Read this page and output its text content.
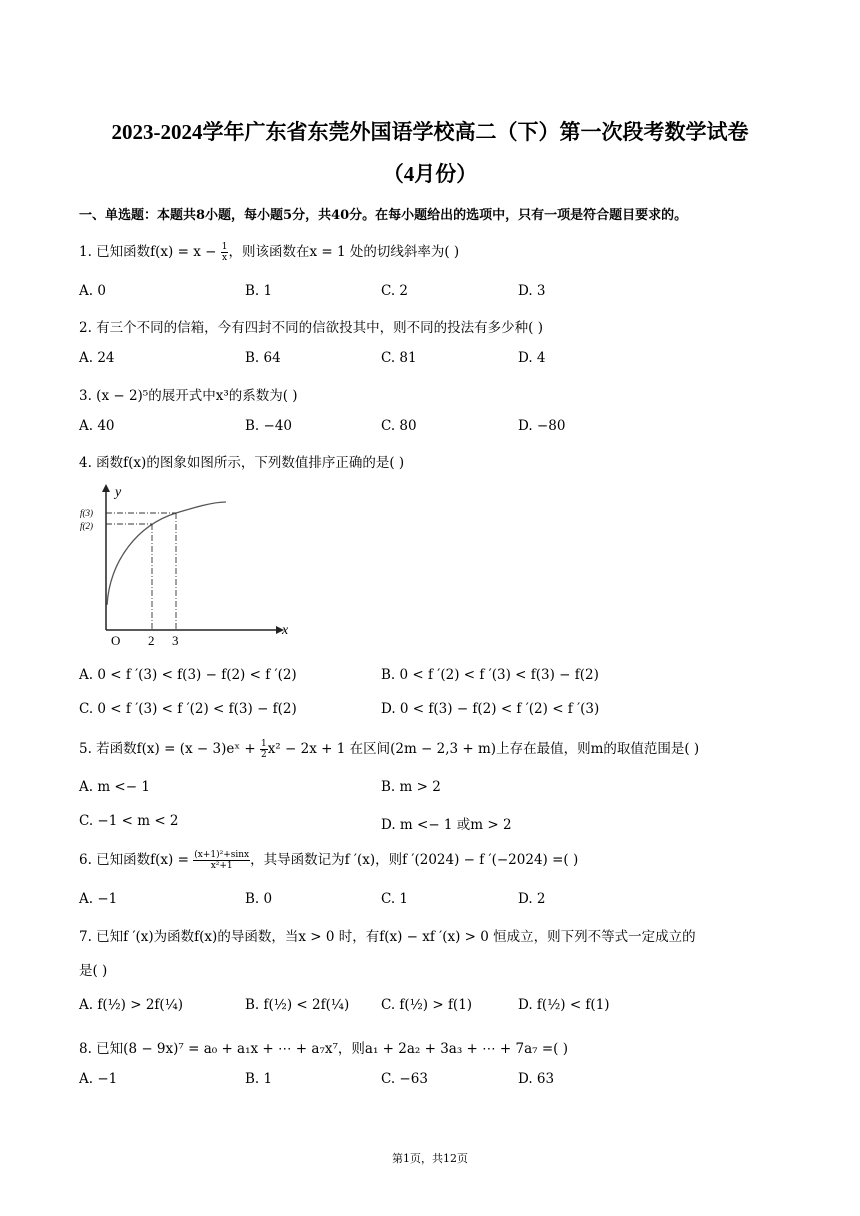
2023-2024学年广东省东莞外国语学校高二（下）第一次段考数学试卷
（4月份）
一、单选题：本题共8小题，每小题5分，共40分。在每小题给出的选项中，只有一项是符合题目要求的。
1. 已知函数$f(x) = x - \frac{1}{x}$ ，则该函数在x = 1 处的切线斜率为( )
A. 0	B. 1	C. 2	D. 3
2. 有三个不同的信箱，今有四封不同的信欲投其中，则不同的投法有多少种( )
A. 24	B. 64	C. 81	D. 4
3. (x − 2)⁵的展开式中x³的系数为( )
A. 40	B. −40	C. 80	D. −80
4. 函数f(x)的图象如图所示，下列数值排序正确的是( )
y
x
f(3)
f(2)
O 2 3
A. 0 < f ′(3) < f(3) − f(2) < f ′(2)	B. 0 < f ′(2) < f ′(3) < f(3) − f(2)
C. 0 < f ′(3) < f ′(2) < f(3) − f(2)	D. 0 < f(3) − f(2) < f ′(2) < f ′(3)
5. 若函数f(x) = (x − 3)eˣ + $\frac{1}{2} x^2 - 2x + 1$ 在区间(2m − 2,3 + m)上存在最值，则m的取值范围是( )
A. m <− 1	B. m > 2
C. −1 < m < 2	D. m <− 1 或m > 2
6. 已知函数$f(x) = \frac{\text{(x+1)²+sinx}}{\text{x²+1}}$ ，其导函数记为f ′(x)，则f ′(2024) − f ′(−2024) =( )
A. −1	B. 0	C. 1	D. 2
7. 已知f ′(x)为函数f(x)的导函数，当x > 0 时，有f(x) − xf ′(x) > 0 恒成立，则下列不等式一定成立的
是( )
A. f(½) > 2f(¼)	B. f(½) < 2f(¼) C. f(½) > f(1)	D. f(½) < f(1)
8. 已知(8 − 9x)⁷ = a₀ + a₁x + ⋯ + a₇x⁷，则a₁ + 2a₂ + 3a₃ + ⋯ + 7a₇ =( )
A. −1	B. 1	C. −63	D. 63
第1页，共12页
